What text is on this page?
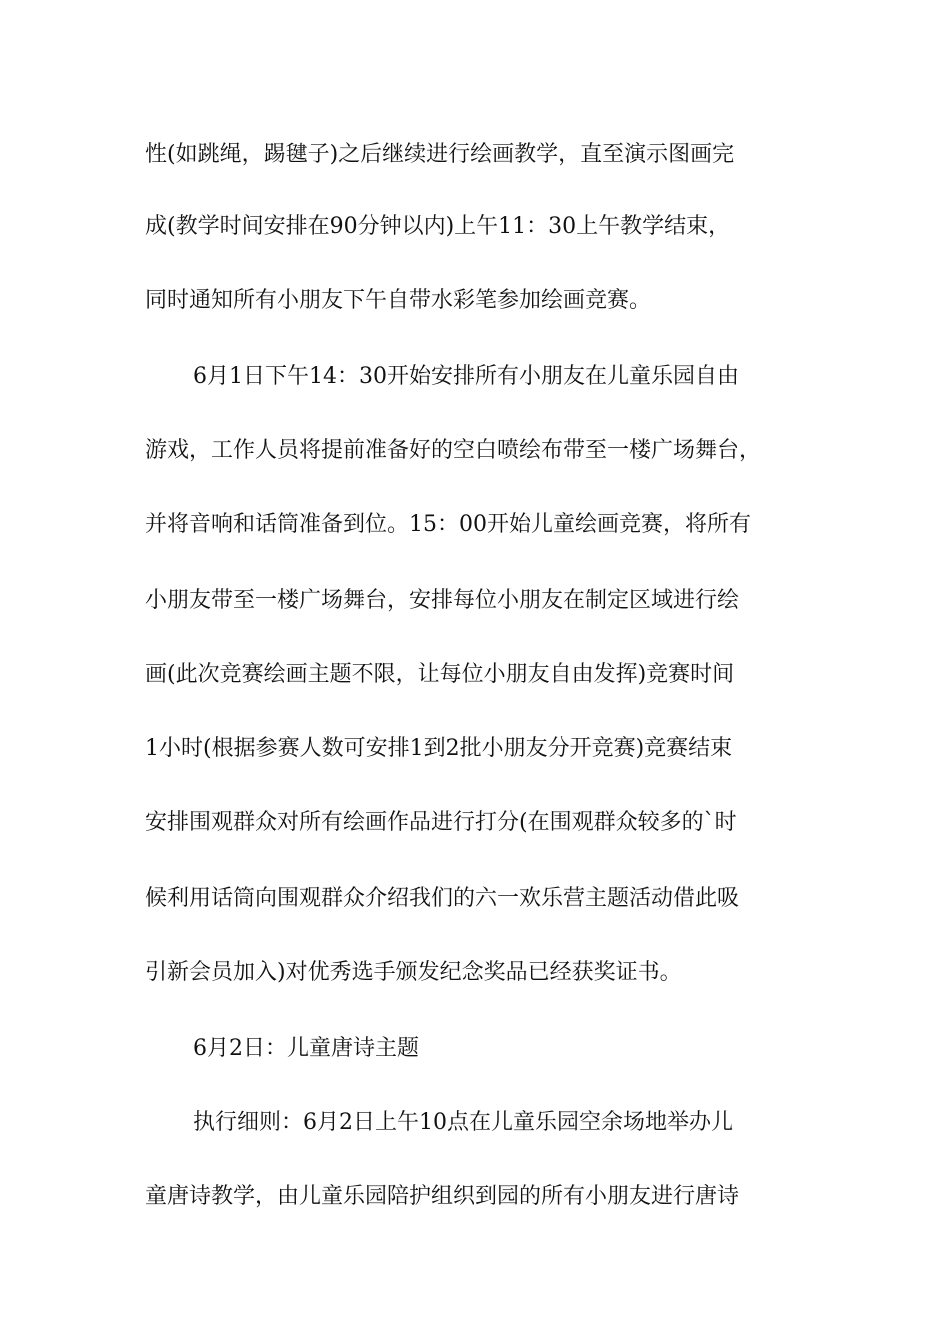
性(如跳绳，踢毽子)之后继续进行绘画教学，直至演示图画完
成(教学时间安排在90分钟以内)上午11：30上午教学结束，
同时通知所有小朋友下午自带水彩笔参加绘画竞赛。
6月1日下午14：30开始安排所有小朋友在儿童乐园自由
游戏，工作人员将提前准备好的空白喷绘布带至一楼广场舞台，
并将音响和话筒准备到位。15：00开始儿童绘画竞赛，将所有
小朋友带至一楼广场舞台，安排每位小朋友在制定区域进行绘
画(此次竞赛绘画主题不限，让每位小朋友自由发挥)竞赛时间
1小时(根据参赛人数可安排1到2批小朋友分开竞赛)竞赛结束
安排围观群众对所有绘画作品进行打分(在围观群众较多的`时
候利用话筒向围观群众介绍我们的六一欢乐营主题活动借此吸
引新会员加入)对优秀选手颁发纪念奖品已经获奖证书。
6月2日：儿童唐诗主题
执行细则：6月2日上午10点在儿童乐园空余场地举办儿
童唐诗教学，由儿童乐园陪护组织到园的所有小朋友进行唐诗
